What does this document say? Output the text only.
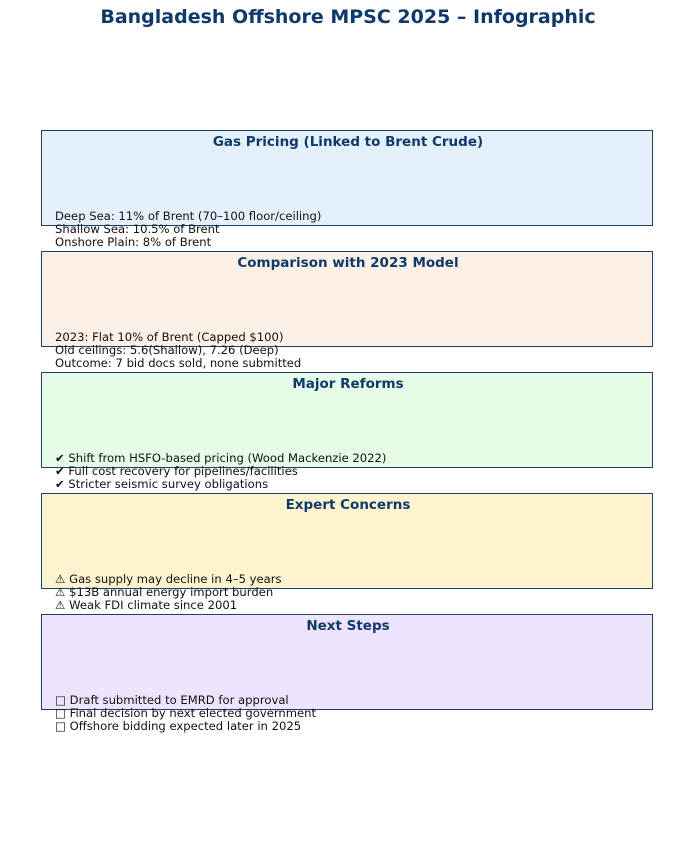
Bangladesh Offshore MPSC 2025 – Infographic
Gas Pricing (Linked to Brent Crude)
Deep Sea: 11% of Brent (70–100 floor/ceiling)
Shallow Sea: 10.5% of Brent
Onshore Plain: 8% of Brent
Comparison with 2023 Model
2023: Flat 10% of Brent (Capped $100)
Old ceilings: 5.6(Shallow), 7.26 (Deep)
Outcome: 7 bid docs sold, none submitted
Major Reforms
✔ Shift from HSFO-based pricing (Wood Mackenzie 2022)
✔ Full cost recovery for pipelines/facilities
✔ Stricter seismic survey obligations
Expert Concerns
⚠ Gas supply may decline in 4–5 years
⚠ $13B annual energy import burden
⚠ Weak FDI climate since 2001
Next Steps
□ Draft submitted to EMRD for approval
□ Final decision by next elected government
□ Offshore bidding expected later in 2025
